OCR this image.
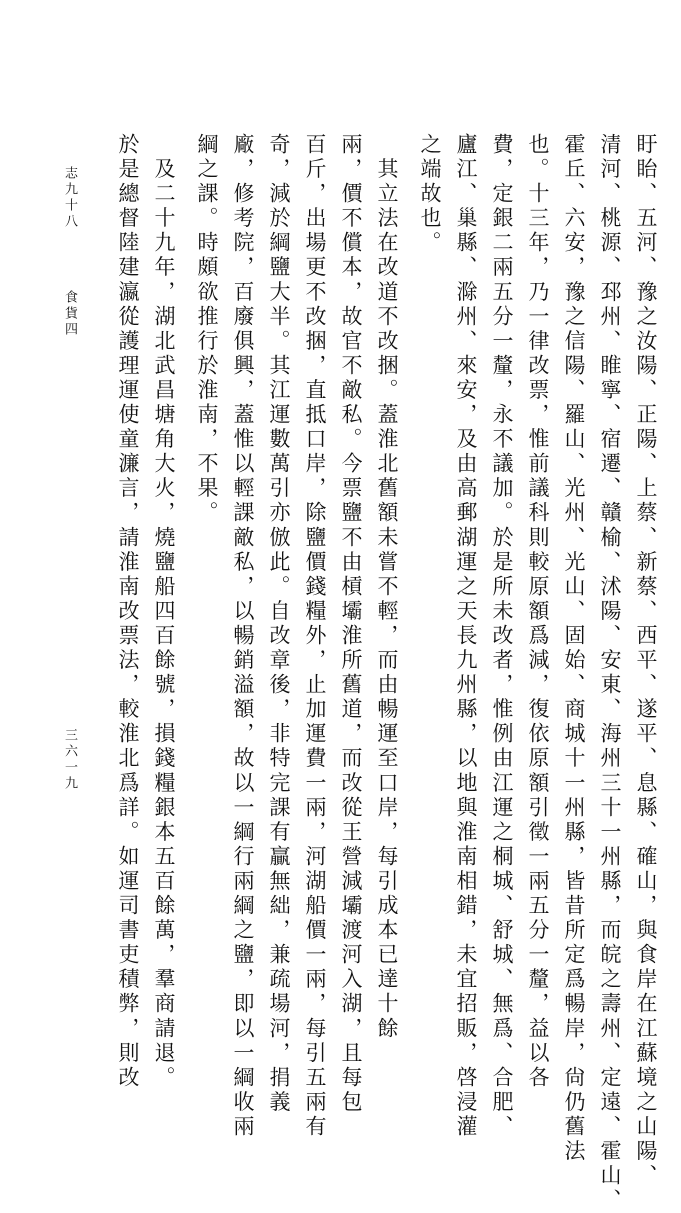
盱眙、五河、豫之汝陽、正陽、上蔡、新蔡、西平、遂平、息縣、確山，與食岸在江蘇境之山陽、

清河、桃源、邳州、睢寧、宿遷、贛榆、沭陽、安東、海州三十一州縣，而皖之壽州、定遠、霍山、

霍丘、六安，豫之信陽、羅山、光州、光山、固始、商城十一州縣，皆昔所定爲暢岸，尙仍舊法

也。十三年，乃一律改票，惟前議科則較原額爲減，復依原額引徵一兩五分一釐，益以各

費，定銀二兩五分一釐，永不議加。於是所未改者，惟例由江運之桐城、舒城、無爲、合肥、

廬江、巢縣、滁州、來安，及由高郵湖運之天長九州縣，以地與淮南相錯，未宜招販，啓浸灌

之端故也。

　其立法在改道不改捆。蓋淮北舊額未嘗不輕，而由暢運至口岸，每引成本已達十餘

兩，價不償本，故官不敵私。今票鹽不由槓壩淮所舊道，而改從王營減壩渡河入湖，且每包

百斤，出場更不改捆，直抵口岸，除鹽價錢糧外，止加運費一兩，河湖船價一兩，每引五兩有

奇，減於綱鹽大半。其江運數萬引亦倣此。自改章後，非特完課有贏無絀，兼疏場河，捐義

廠，修考院，百廢俱興，蓋惟以輕課敵私，以暢銷溢額，故以一綱行兩綱之鹽，即以一綱收兩

綱之課。時頗欲推行於淮南，不果。

　及二十九年，湖北武昌塘角大火，燒鹽船四百餘號，損錢糧銀本五百餘萬，羣商請退。

於是總督陸建瀛從護理運使童濂言，請淮南改票法，較淮北爲詳。如運司書吏積弊，則改

志九十八

食貨四

三六一九
